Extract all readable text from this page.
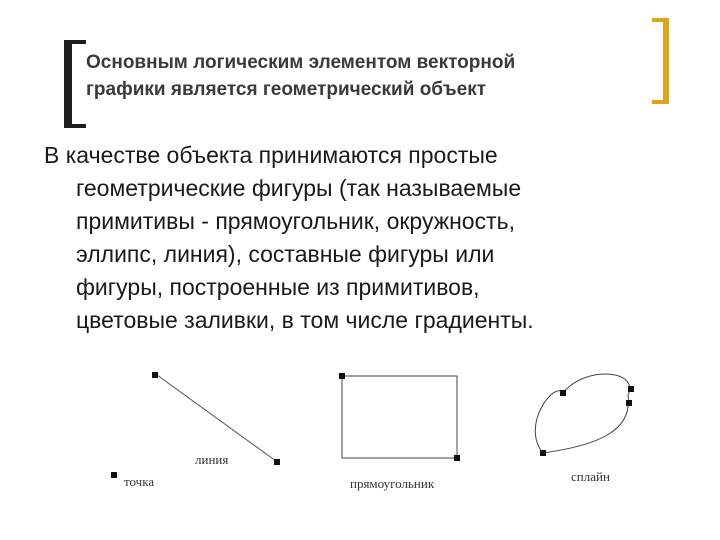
Основным логическим элементом векторной
графики является геометрический объект

В качестве объекта принимаются простые
геометрические фигуры (так называемые
примитивы - прямоугольник, окружность,
эллипс, линия), составные фигуры или
фигуры, построенные из примитивов,
цветовые заливки, в том числе градиенты.

точка
линия
прямоугольник	сплайн
